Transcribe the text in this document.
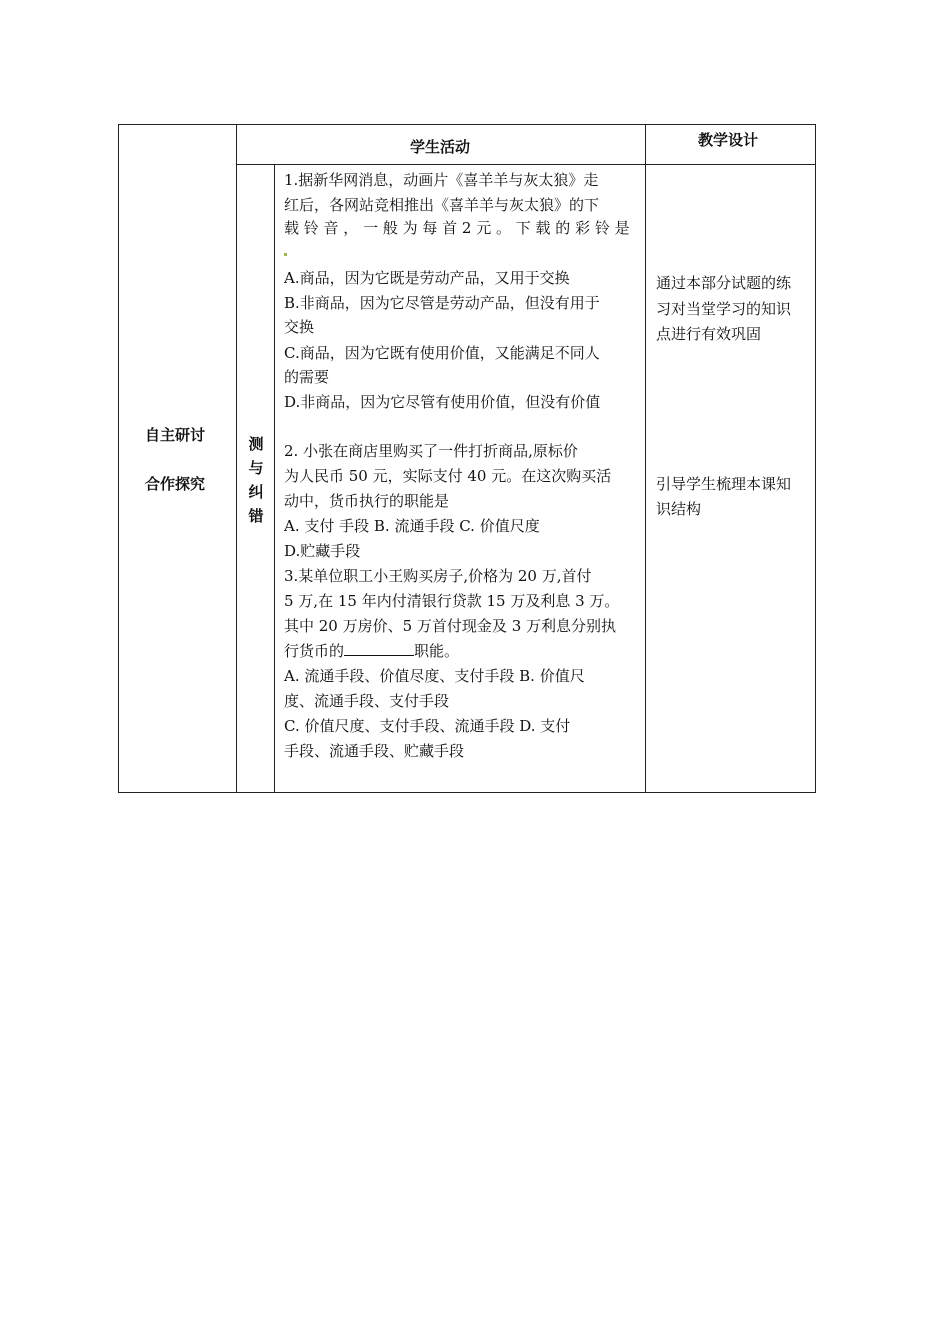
学生活动	教学设计
自主研讨
合作探究
测
与
纠
错
1.据新华网消息，动画片《喜羊羊与灰太狼》走
红后，各网站竞相推出《喜羊羊与灰太狼》的下
载 铃 音 ， 一 般 为 每 首 2 元 。 下 载 的 彩 铃 是
A.商品，因为它既是劳动产品，又用于交换
B.非商品，因为它尽管是劳动产品，但没有用于
交换
C.商品，因为它既有使用价值，又能满足不同人
的需要
D.非商品，因为它尽管有使用价值，但没有价值
2. 小张在商店里购买了一件打折商品,原标价
为人民币 50 元，实际支付 40 元。在这次购买活
动中，货币执行的职能是
A. 支付 手段 B. 流通手段 C. 价值尺度
D.贮藏手段
3.某单位职工小王购买房子,价格为 20 万,首付
5 万,在 15 年内付清银行贷款 15 万及利息 3 万。
其中 20 万房价、5 万首付现金及 3 万利息分别执
行货币的	职能。
A. 流通手段、价值尽度、支付手段 B. 价值尺
度、流通手段、支付手段
C. 价值尺度、支付手段、流通手段 D. 支付
手段、流通手段、贮藏手段
通过本部分试题的练
习对当堂学习的知识
点进行有效巩固
引导学生梳理本课知
识结构
